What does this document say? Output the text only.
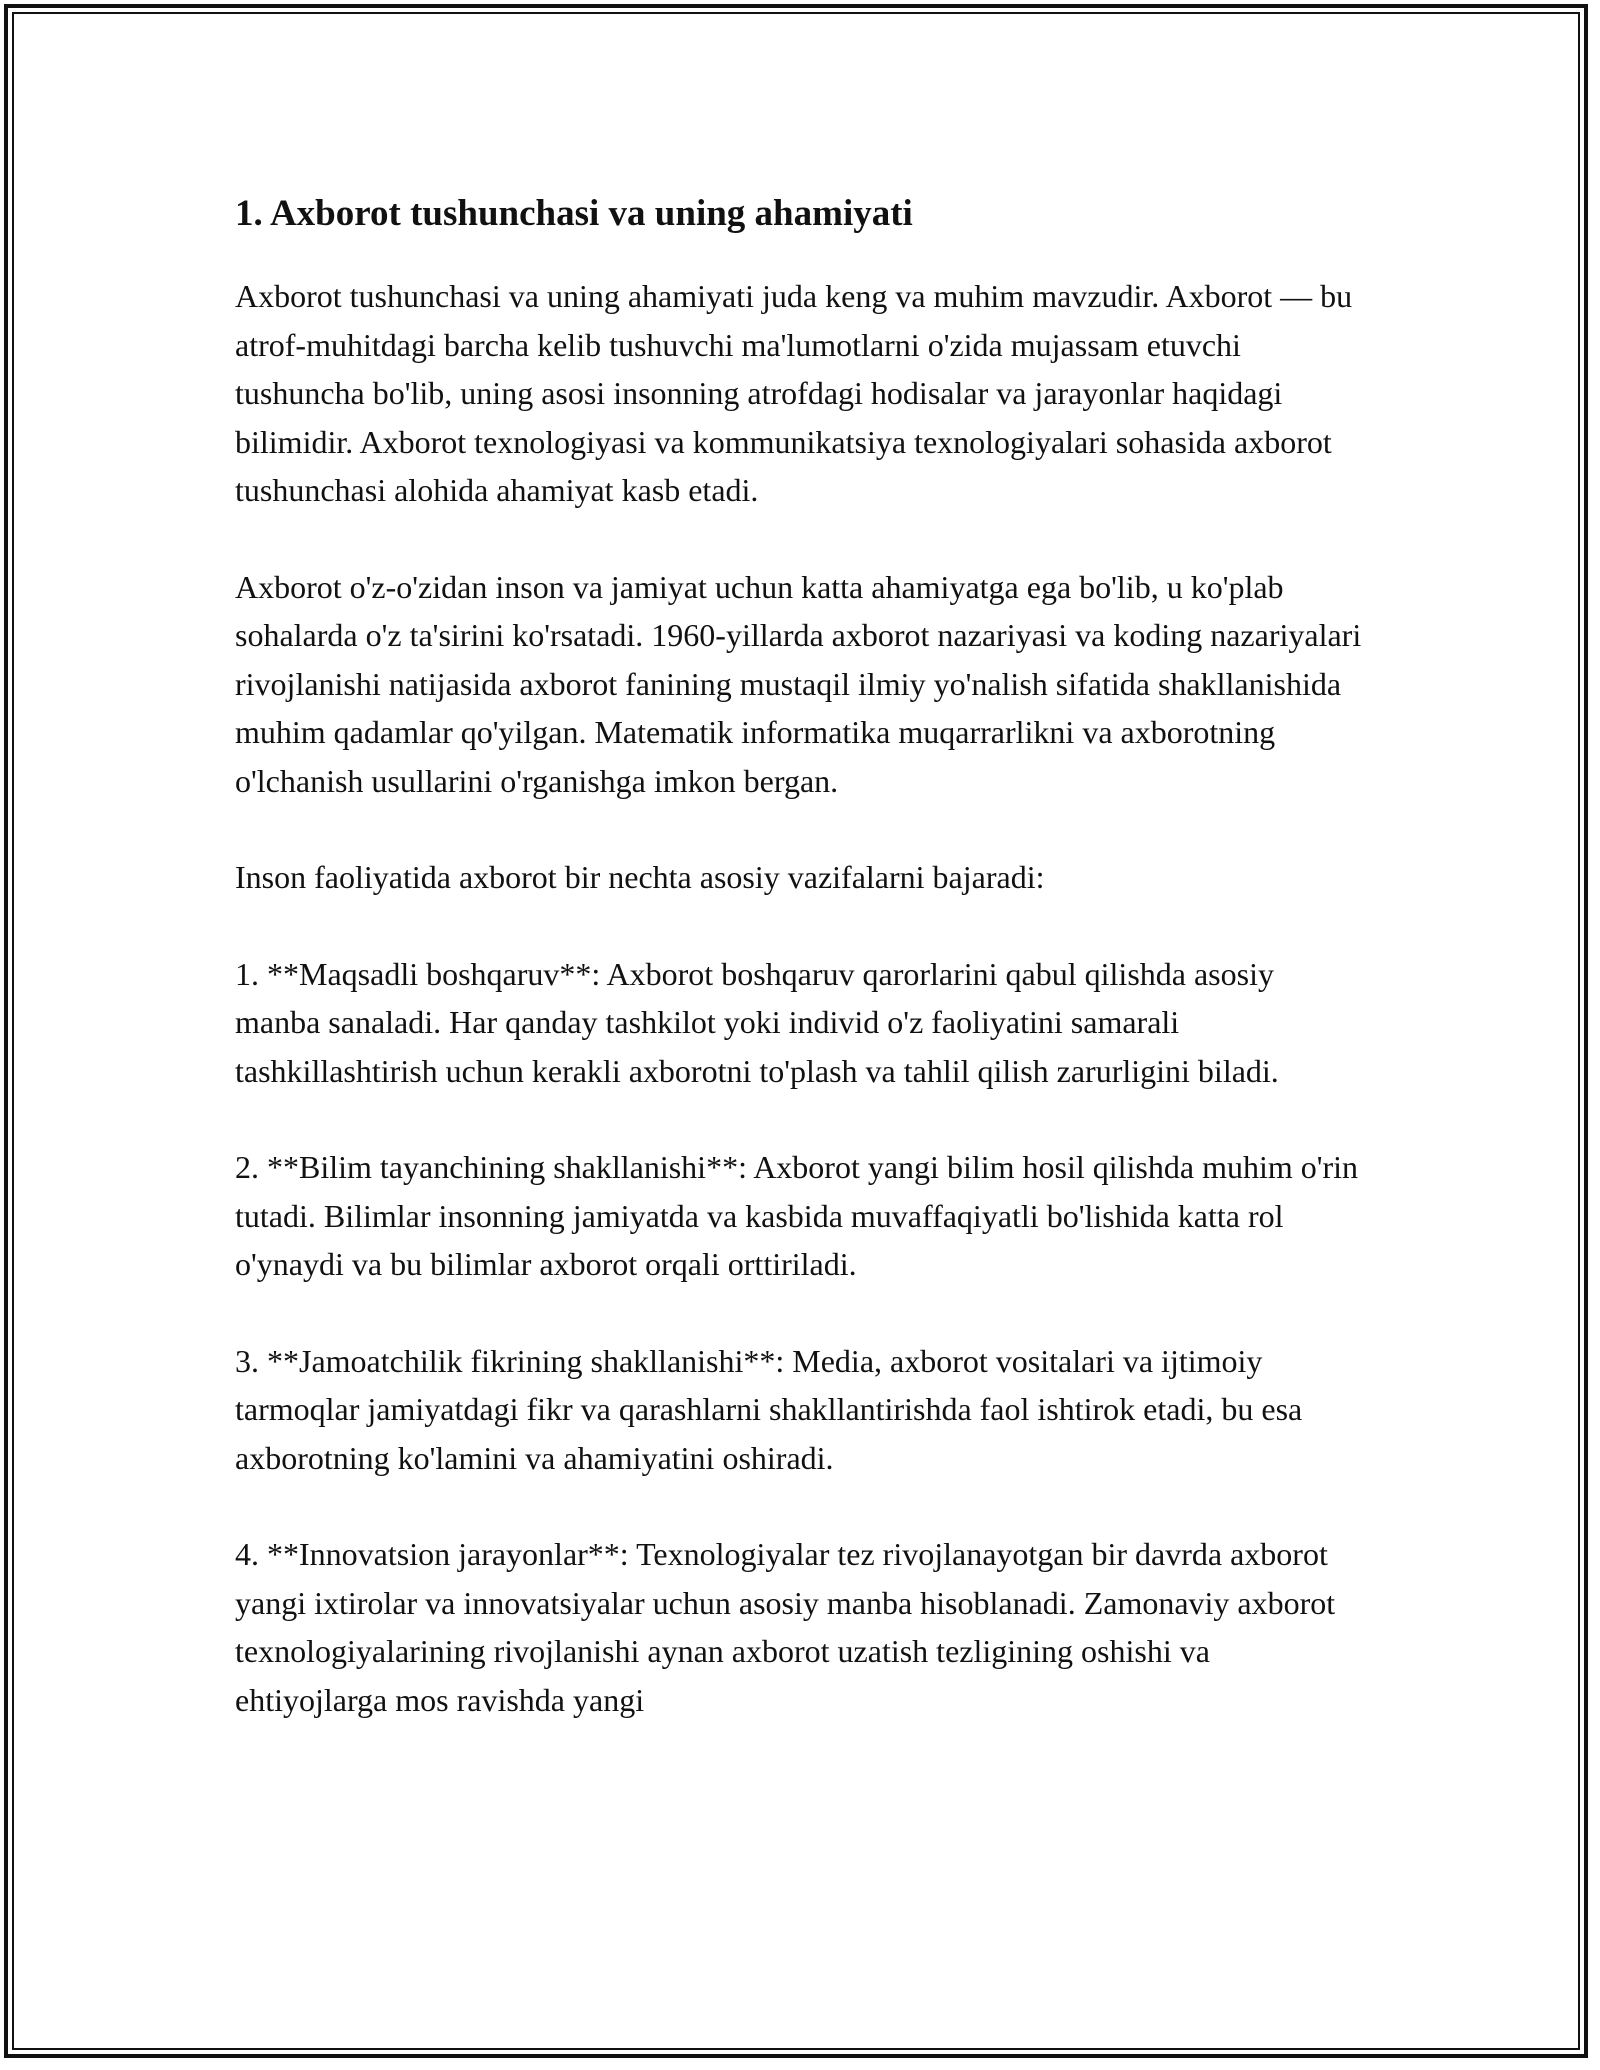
1. Axborot tushunchasi va uning ahamiyati

Axborot tushunchasi va uning ahamiyati juda keng va muhim mavzudir. Axborot — bu atrof-muhitdagi barcha kelib tushuvchi ma'lumotlarni o'zida mujassam etuvchi tushuncha bo'lib, uning asosi insonning atrofdagi hodisalar va jarayonlar haqidagi bilimidir. Axborot texnologiyasi va kommunikatsiya texnologiyalari sohasida axborot tushunchasi alohida ahamiyat kasb etadi.

Axborot o'z-o'zidan inson va jamiyat uchun katta ahamiyatga ega bo'lib, u ko'plab sohalarda o'z ta'sirini ko'rsatadi. 1960-yillarda axborot nazariyasi va koding nazariyalari rivojlanishi natijasida axborot fanining mustaqil ilmiy yo'nalish sifatida shakllanishida muhim qadamlar qo'yilgan. Matematik informatika muqarrarlikni va axborotning o'lchanish usullarini o'rganishga imkon bergan.

Inson faoliyatida axborot bir nechta asosiy vazifalarni bajaradi:

1. **Maqsadli boshqaruv**: Axborot boshqaruv qarorlarini qabul qilishda asosiy manba sanaladi. Har qanday tashkilot yoki individ o'z faoliyatini samarali tashkillashtirish uchun kerakli axborotni to'plash va tahlil qilish zarurligini biladi.

2. **Bilim tayanchining shakllanishi**: Axborot yangi bilim hosil qilishda muhim o'rin tutadi. Bilimlar insonning jamiyatda va kasbida muvaffaqiyatli bo'lishida katta rol o'ynaydi va bu bilimlar axborot orqali orttiriladi.

3. **Jamoatchilik fikrining shakllanishi**: Media, axborot vositalari va ijtimoiy tarmoqlar jamiyatdagi fikr va qarashlarni shakllantirishda faol ishtirok etadi, bu esa axborotning ko'lamini va ahamiyatini oshiradi.

4. **Innovatsion jarayonlar**: Texnologiyalar tez rivojlanayotgan bir davrda axborot yangi ixtirolar va innovatsiyalar uchun asosiy manba hisoblanadi. Zamonaviy axborot texnologiyalarining rivojlanishi aynan axborot uzatish tezligining oshishi va ehtiyojlarga mos ravishda yangi
